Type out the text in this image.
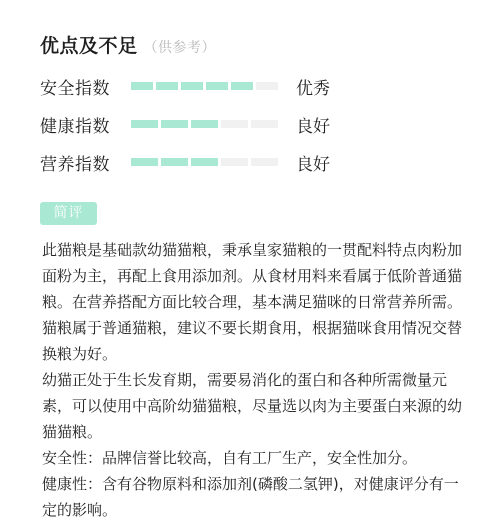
优点及不足 （供参考）
安全指数	优秀
健康指数	良好
营养指数	良好
简评

此猫粮是基础款幼猫猫粮，秉承皇家猫粮的一贯配料特点肉粉加面粉为主，再配上食用添加剂。从食材用料来看属于低阶普通猫粮。在营养搭配方面比较合理，基本满足猫咪的日常营养所需。猫粮属于普通猫粮，建议不要长期食用，根据猫咪食用情况交替换粮为好。

幼猫正处于生长发育期，需要易消化的蛋白和各种所需微量元素，可以使用中高阶幼猫猫粮，尽量选以肉为主要蛋白来源的幼猫猫粮。

安全性：品牌信誉比较高，自有工厂生产，安全性加分。

健康性：含有谷物原料和添加剂(磷酸二氢钾)，对健康评分有一定的影响。
